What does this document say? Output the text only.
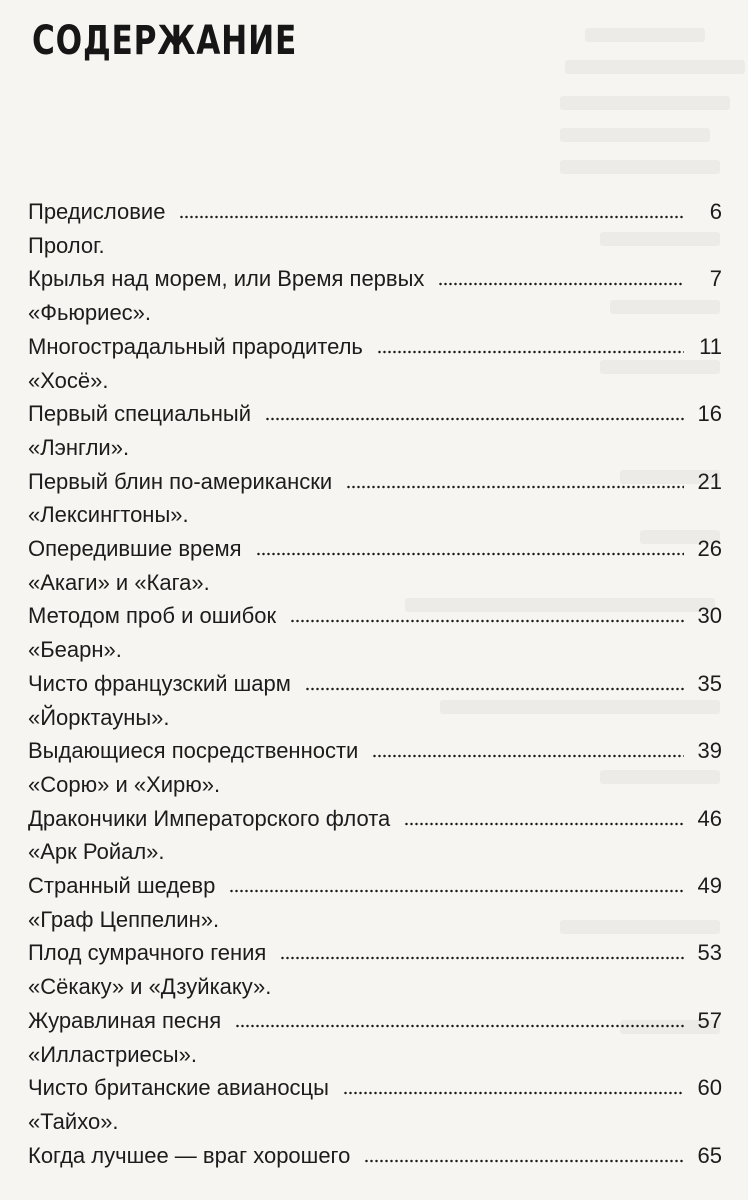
СОДЕРЖАНИЕ
Предисловие	6
Пролог.
Крылья над морем, или Время первых	7
«Фьюриес».
Многострадальный прародитель	11
«Хосё».
Первый специальный	16
«Лэнгли».
Первый блин по-американски	21
«Лексингтоны».
Опередившие время	26
«Акаги» и «Кага».
Методом проб и ошибок	30
«Беарн».
Чисто французский шарм	35
«Йорктауны».
Выдающиеся посредственности	39
«Сорю» и «Хирю».
Дракончики Императорского флота	46
«Арк Ройал».
Странный шедевр	49
«Граф Цеппелин».
Плод сумрачного гения	53
«Сёкаку» и «Дзуйкаку».
Журавлиная песня	57
«Илластриесы».
Чисто британские авианосцы	60
«Тайхо».
Когда лучшее — враг хорошего	65
